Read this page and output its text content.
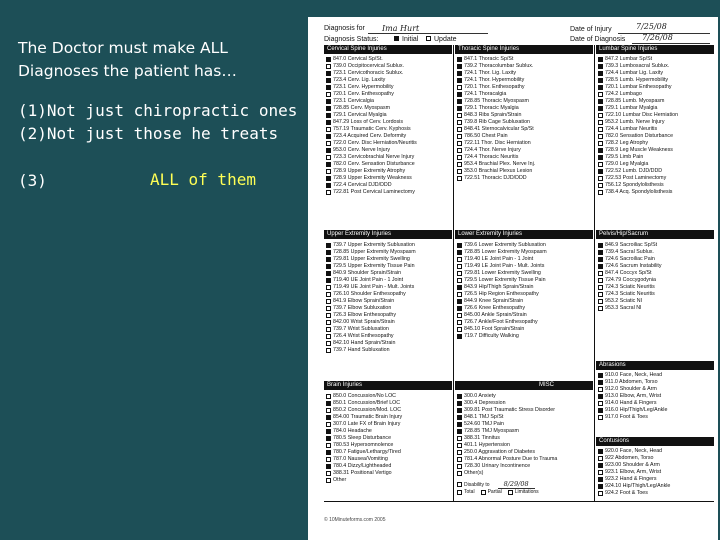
The Doctor must make ALL
Diagnoses the patient has…
(1)Not just chiropractic ones
(2)Not just those he treats
(3)	ALL of them
Diagnosis for Ima Hurt	Date of Injury	7/25/08
Diagnosis Status:	Initial Update	Date of Diagnosis 7/26/08
Cervical Spine Injuries	Thoracic Spine Injuries	Lumbar Spine Injuries
847.0 Cervical Sp/St.
739.0 Occipitocervical Sublux.
723.1 Cervicothoracic Sublux.
723.4 Cerv. Lig. Laxity
723.1 Cerv. Hypermobility
720.1 Cerv. Enthesopathy
723.1 Cervicalgia
728.85 Cerv. Myospasm
729.1 Cervical Myalgia
847.29 Loss of Cerv. Lordosis
757.19 Traumatic Cerv. Kyphosis
723.4 Acquired Cerv. Deformity
722.0 Cerv. Disc Herniation/Neuritis
953.0 Cerv. Nerve Injury
723.3 Cervicobrachial Nerve Injury
782.0 Cerv. Sensation Disturbance
728.9 Upper Extremity Atrophy
728.9 Upper Extremity Weakness
722.4 Cervical DJD/DDD
722.81 Post Cervical Laminectomy
847.1 Thoracic Sp/St
739.2 Thoracolumbar Sublux.
724.1 Thor. Lig. Laxity
724.1 Thor. Hypermobility
720.1 Thor. Enthesopathy
724.1 Thoracalgia
728.85 Thoracic Myospasm
729.1 Thoracic Myalgia
848.3 Ribs Sprain/Strain
739.8 Rib Cage Subluxation
848.41 Sternocalvicular Sp/St
786.50 Chest Pain
722.11 Thor. Disc Herniation
724.4 Thor. Nerve Injury
724.4 Thoracic Neuritis
953.4 Brachial Plex. Nerve Inj.
353.0 Brachial Plexus Lesion
722.51 Thoracic DJD/DDD
847.2 Lumbar Sp/St
739.3 Lumbosacral Sublux.
724.4 Lumbar Lig. Laxity
728.5 Lumb. Hypermobility
720.1 Lumbar Enthesopathy
724.2 Lumbago
728.85 Lumb. Myospasm
729.1 Lumbar Myalgia
722.10 Lumbar Disc Herniation
953.2 Lumb. Nerve Injury
724.4 Lumbar Neuritis
782.0 Sensation Disturbance
728.2 Leg Atrophy
728.9 Leg Muscle Weakness
729.5 Limb Pain
729.0 Leg Myalgia
722.52 Lumb. DJD/DDD
722.53 Post Laminectomy
756.12 Spondylolisthesis
738.4 Acq. Spondylolisthesis
Upper Extremity Injuries	Lower Extremity Injuries	Pelvis/Hip/Sacrum
739.7 Upper Extremity Subluxation
728.85 Upper Extremity Myospasm
729.81 Upper Extremity Swelling
729.5 Upper Extremity Tissue Pain
840.9 Shoulder Sprain/Strain
719.40 UE Joint Pain - 1 Joint
719.49 UE Joint Pain - Mult. Joints
726.10 Shoulder Enthesopathy
841.9 Elbow Sprain/Strain
739.7 Elbow Subluxation
726.3 Elbow Enthesopathy
842.00 Wrist Sprain/Strain
739.7 Wrist Subluxation
726.4 Wrist Enthesopathy
842.10 Hand Sprain/Strain
739.7 Hand Subluxation
739.6 Lower Extremity Subluxation
728.85 Lower Extremity Myospasm
719.40 LE Joint Pain - 1 Joint
719.49 LE Joint Pain - Mult. Joints
729.81 Lower Extremity Swelling
729.5 Lower Extremity Tissue Pain
843.9 Hip/Thigh Sprain/Strain
726.5 Hip Region Enthesopathy
844.9 Knee Sprain/Strain
726.6 Knee Enthesopathy
845.00 Ankle Sprain/Strain
726.7 Ankle/Foot Enthesopathy
845.10 Foot Sprain/Strain
719.7 Difficulty Walking
846.9 Sacroiliac Sp/St
739.4 Sacral Sublux.
724.6 Sacroiliac Pain
724.6 Sacrum Instability
847.4 Coccyx Sp/St
724.79 Coccygodynia
724.3 Sciatic Neuritis
724.3 Sciatic Neuritis
953.2 Sciatic NI
953.3 Sacral NI
Abrasions
910.0 Face, Neck, Head
911.0 Abdomen, Torso
912.0 Shoulder & Arm
913.0 Elbow, Arm, Wrist
914.0 Hand & Fingers
916.0 Hip/Thigh/Leg/Ankle
917.0 Foot & Toes
Brain Injuries	MISC
850.0 Concussion/No LOC
850.1 Concussion/Brief LOC
850.2 Concussion/Mod. LOC
854.00 Traumatic Brain Injury
307.0 Late FX of Brain Injury
784.0 Headache
780.5 Sleep Disturbance
780.53 Hypersomnolence
780.7 Fatigue/Lethargy/Tired
787.0 Nausea/Vomiting
780.4 Dizzy/Lightheaded
388.31 Positional Vertigo
Other
300.0 Anxiety
300.4 Depression
309.81 Post Traumatic Stress Disorder
848.1 TMJ Sp/St
524.60 TMJ Pain
728.85 TMJ Myospasm
388.31 Tinnitus
401.1 Hypertension
250.0 Aggravation of Diabetes
781.4 Abnormal Posture Due to Trauma
728.30 Urinary Incontinence
Other(s)
Contusions
920.0 Face, Neck, Head
922 Abdomen, Torso
923.00 Shoulder & Arm
923.1 Elbow, Arm, Wrist
923.2 Hand & Fingers
924.10 Hip/Thigh/Leg/Ankle
924.2 Foot & Toes
Disability to	8/29/08
Total	Partial	Limitations
© 10Minuteforms.com 2005
